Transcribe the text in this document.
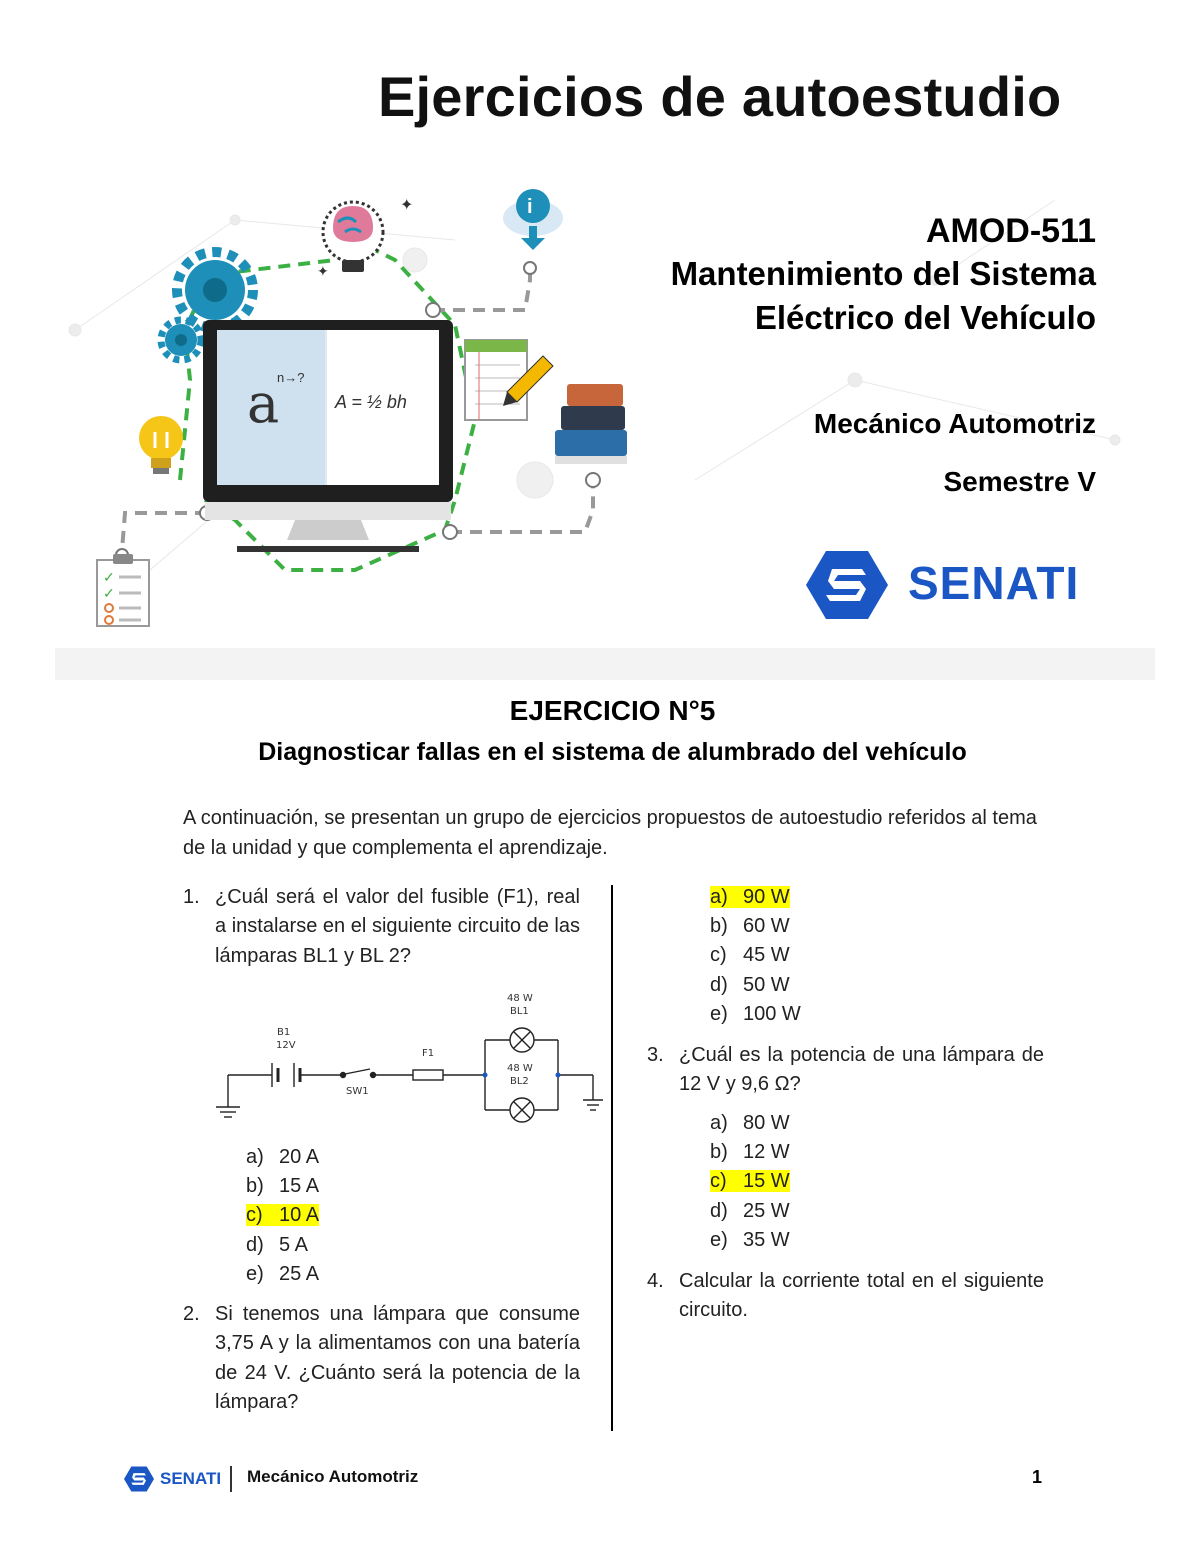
Ejercicios de autoestudio
✦
✦
i
a
n→?
A = ½ bh
✓
✓
AMOD-511
Mantenimiento del Sistema
Eléctrico del Vehículo
Mecánico Automotriz
Semestre V
SENATI
EJERCICIO N°5
Diagnosticar fallas en el sistema de alumbrado del vehículo
A continuación, se presentan un grupo de ejercicios propuestos de autoestudio referidos al tema de la unidad y que complementa el aprendizaje.
1. ¿Cuál será el valor del fusible (F1), real a instalarse en el siguiente circuito de las lámparas BL1 y BL 2?
B1
12V
SW1
F1
48 W
BL1
48 W
BL2
a) 20 A
b) 15 A
c) 10 A
d) 5 A
e) 25 A
2. Si tenemos una lámpara que consume 3,75 A y la alimentamos con una batería de 24 V. ¿Cuánto será la potencia de la lámpara?
a) 90 W
b) 60 W
c) 45 W
d) 50 W
e) 100 W
3. ¿Cuál es la potencia de una lámpara de 12 V y 9,6 Ω?
a) 80 W
b) 12 W
c) 15 W
d) 25 W
e) 35 W
4. Calcular la corriente total en el siguiente circuito.
SENATI Mecánico Automotriz	1
